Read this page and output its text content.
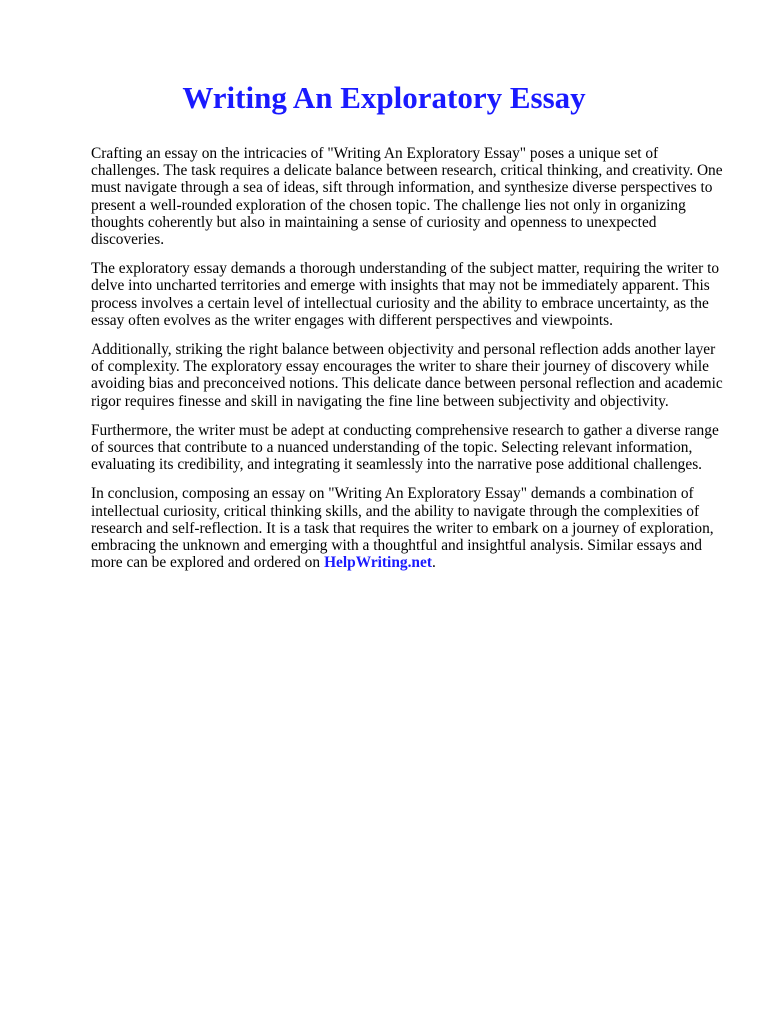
Writing An Exploratory Essay

Crafting an essay on the intricacies of "Writing An Exploratory Essay" poses a unique set of challenges. The task requires a delicate balance between research, critical thinking, and creativity. One must navigate through a sea of ideas, sift through information, and synthesize diverse perspectives to present a well-rounded exploration of the chosen topic. The challenge lies not only in organizing thoughts coherently but also in maintaining a sense of curiosity and openness to unexpected discoveries.

The exploratory essay demands a thorough understanding of the subject matter, requiring the writer to delve into uncharted territories and emerge with insights that may not be immediately apparent. This process involves a certain level of intellectual curiosity and the ability to embrace uncertainty, as the essay often evolves as the writer engages with different perspectives and viewpoints.

Additionally, striking the right balance between objectivity and personal reflection adds another layer of complexity. The exploratory essay encourages the writer to share their journey of discovery while avoiding bias and preconceived notions. This delicate dance between personal reflection and academic rigor requires finesse and skill in navigating the fine line between subjectivity and objectivity.

Furthermore, the writer must be adept at conducting comprehensive research to gather a diverse range of sources that contribute to a nuanced understanding of the topic. Selecting relevant information, evaluating its credibility, and integrating it seamlessly into the narrative pose additional challenges.

In conclusion, composing an essay on "Writing An Exploratory Essay" demands a combination of intellectual curiosity, critical thinking skills, and the ability to navigate through the complexities of research and self-reflection. It is a task that requires the writer to embark on a journey of exploration, embracing the unknown and emerging with a thoughtful and insightful analysis. Similar essays and more can be explored and ordered on HelpWriting.net.
